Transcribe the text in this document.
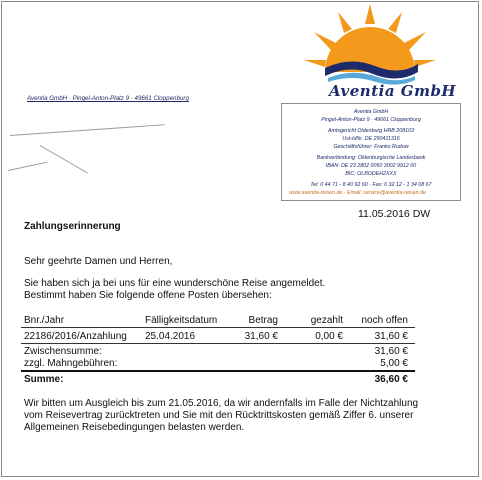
Aventia GmbH
Aventia GmbH · Pingel-Anton-Platz 9 · 49661 Cloppenburg
Aventia GmbH
Pingel-Anton-Platz 9 · 49661 Cloppenburg
Amtsgericht Oldenburg HRB 208103
Ust-IdNr. DE 290411316
Geschäftsführer: Franko Rudow
Bankverbindung: Oldenburgische Landesbank
IBAN: DE 23 2802 0050 3002 9912 00
BIC: OLBODEH2XXX
Tel: 0 44 71 - 8 40 92 60 · Fax: 0 32 12 - 1 34 08 67
www.aventia-reisen.de · Email: service@aventia-reisen.de
11.05.2016 DW
Zahlungserinnerung
Sehr geehrte Damen und Herren,
Sie haben sich ja bei uns für eine wunderschöne Reise angemeldet.
Bestimmt haben Sie folgende offene Posten übersehen:
Bnr./Jahr	Fälligkeitsdatum	Betrag	gezahlt	noch offen
22186/2016/Anzahlung 25.04.2016	31,60 €	0,00 €	31,60 €
Zwischensumme:	31,60 €
zzgl. Mahngebühren:	5,00 €
Summe:	36,60 €
Wir bitten um Ausgleich bis zum 21.05.2016, da wir andernfalls im Falle der Nichtzahlung
vom Reisevertrag zurücktreten und Sie mit den Rücktrittskosten gemäß Ziffer 6. unserer
Allgemeinen Reisebedingungen belasten werden.
